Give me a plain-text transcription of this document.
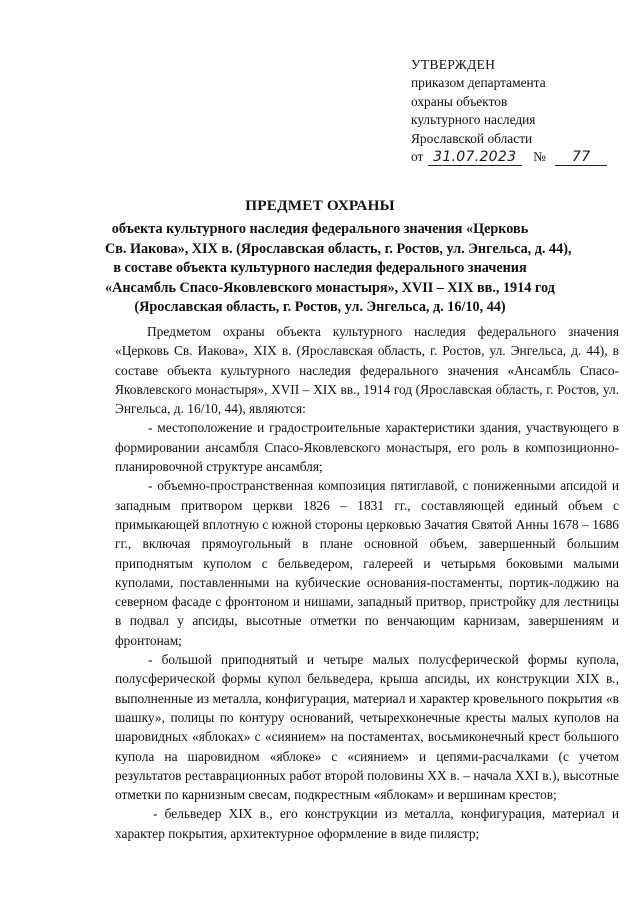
УТВЕРЖДЕН
приказом департамента
охраны объектов
культурного наследия
Ярославской области
от 31.07.2023 № 77
ПРЕДМЕТ ОХРАНЫ
объекта культурного наследия федерального значения «Церковь
Св. Иакова», XIX в. (Ярославская область, г. Ростов, ул. Энгельса, д. 44),
в составе объекта культурного наследия федерального значения
«Ансамбль Спасо-Яковлевского монастыря», XVII – XIX вв., 1914 год
(Ярославская область, г. Ростов, ул. Энгельса, д. 16/10, 44)

Предметом охраны объекта культурного наследия федерального значения «Церковь Св. Иакова», XIX в. (Ярославская область, г. Ростов, ул. Энгельса, д. 44), в составе объекта культурного наследия федерального значения «Ансамбль Спасо-Яковлевского монастыря», XVII – XIX вв., 1914 год (Ярославская область, г. Ростов, ул. Энгельса, д. 16/10, 44), являются:

- местоположение и градостроительные характеристики здания, участвующего в формировании ансамбля Спасо-Яковлевского монастыря, его роль в композиционно-планировочной структуре ансамбля;

- объемно-пространственная композиция пятиглавой, с пониженными апсидой и западным притвором церкви 1826 – 1831 гг., составляющей единый объем с примыкающей вплотную с южной стороны церковью Зачатия Святой Анны 1678 – 1686 гг., включая прямоугольный в плане основной объем, завершенный большим приподнятым куполом с бельведером, галереей и четырьмя боковыми малыми куполами, поставленными на кубические основания-постаменты, портик-лоджию на северном фасаде с фронтоном и нишами, западный притвор, пристройку для лестницы в подвал у апсиды, высотные отметки по венчающим карнизам, завершениям и фронтонам;

- большой приподнятый и четыре малых полусферической формы купола, полусферической формы купол бельведера, крыша апсиды, их конструкции XIX в., выполненные из металла, конфигурация, материал и характер кровельного покрытия «в шашку», полицы по контуру оснований, четырехконечные кресты малых куполов на шаровидных «яблоках» с «сиянием» на постаментах, восьмиконечный крест большого купола на шаровидном «яблоке» с «сиянием» и цепями-расчалками (с учетом результатов реставрационных работ второй половины XX в. – начала XXI в.), высотные отметки по карнизным свесам, подкрестным «яблокам» и вершинам крестов;

- бельведер XIX в., его конструкции из металла, конфигурация, материал и характер покрытия, архитектурное оформление в виде пилястр;
